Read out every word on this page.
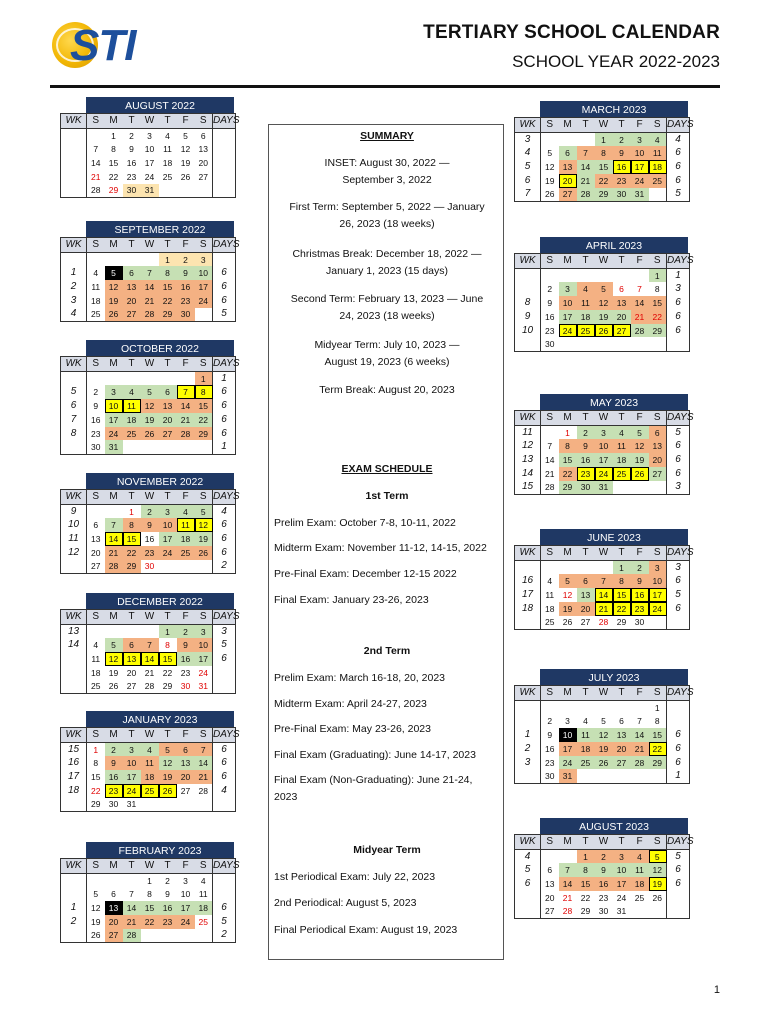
STI	TERTIARY SCHOOL CALENDAR
SCHOOL YEAR 2022-2023
AUGUST 2022
WK	S	M	T	W	T	F	S	DAYS
		1	2	3	4	5	6	
	7	8	9	10	11	12	13	
	14	15	16	17	18	19	20	
	21	22	23	24	25	26	27	
	28	29	30	31				
SEPTEMBER 2022
WK	S	M	T	W	T	F	S	DAYS
					1	2	3	
1	4	5	6	7	8	9	10	6
2	11	12	13	14	15	16	17	6
3	18	19	20	21	22	23	24	6
4	25	26	27	28	29	30		5
OCTOBER 2022
WK	S	M	T	W	T	F	S	DAYS
							1	1
5	2	3	4	5	6	7	8	6
6	9	10	11	12	13	14	15	6
7	16	17	18	19	20	21	22	6
8	23	24	25	26	27	28	29	6
	30	31						1
NOVEMBER 2022
WK	S	M	T	W	T	F	S	DAYS
9			1	2	3	4	5	4
10	6	7	8	9	10	11	12	6
11	13	14	15	16	17	18	19	6
12	20	21	22	23	24	25	26	6
	27	28	29	30				2
DECEMBER 2022
WK	S	M	T	W	T	F	S	DAYS
13					1	2	3	3
14	4	5	6	7	8	9	10	5
	11	12	13	14	15	16	17	6
	18	19	20	21	22	23	24	
	25	26	27	28	29	30	31	
JANUARY 2023
WK	S	M	T	W	T	F	S	DAYS
15	1	2	3	4	5	6	7	6
16	8	9	10	11	12	13	14	6
17	15	16	17	18	19	20	21	6
18	22	23	24	25	26	27	28	4
	29	30	31					
FEBRUARY 2023
WK	S	M	T	W	T	F	S	DAYS
				1	2	3	4	
	5	6	7	8	9	10	11	
1	12	13	14	15	16	17	18	6
2	19	20	21	22	23	24	25	5
	26	27	28					2
MARCH 2023
WK	S	M	T	W	T	F	S	DAYS
3				1	2	3	4	4
4	5	6	7	8	9	10	11	6
5	12	13	14	15	16	17	18	6
6	19	20	21	22	23	24	25	6
7	26	27	28	29	30	31		5
APRIL 2023
WK	S	M	T	W	T	F	S	DAYS
							1	1
	2	3	4	5	6	7	8	3
8	9	10	11	12	13	14	15	6
9	16	17	18	19	20	21	22	6
10	23	24	25	26	27	28	29	6
	30							
MAY 2023
WK	S	M	T	W	T	F	S	DAYS
11		1	2	3	4	5	6	5
12	7	8	9	10	11	12	13	6
13	14	15	16	17	18	19	20	6
14	21	22	23	24	25	26	27	6
15	28	29	30	31				3
JUNE 2023
WK	S	M	T	W	T	F	S	DAYS
					1	2	3	3
16	4	5	6	7	8	9	10	6
17	11	12	13	14	15	16	17	5
18	18	19	20	21	22	23	24	6
	25	26	27	28	29	30		
JULY 2023
WK	S	M	T	W	T	F	S	DAYS
							1	
	2	3	4	5	6	7	8	
1	9	10	11	12	13	14	15	6
2	16	17	18	19	20	21	22	6
3	23	24	25	26	27	28	29	6
	30	31						1
AUGUST 2023
WK	S	M	T	W	T	F	S	DAYS
4			1	2	3	4	5	5
5	6	7	8	9	10	11	12	6
6	13	14	15	16	17	18	19	6
	20	21	22	23	24	25	26	
	27	28	29	30	31			
SUMMARY
INSET: August 30, 2022 — September 3, 2022
First Term: September 5, 2022 — January 26, 2023 (18 weeks)
Christmas Break: December 18, 2022 — January 1, 2023 (15 days)
Second Term: February 13, 2023 — June 24, 2023 (18 weeks)
Midyear Term: July 10, 2023 — August 19, 2023 (6 weeks)
Term Break: August 20, 2023
EXAM SCHEDULE
1st Term
Prelim Exam: October 7-8, 10-11, 2022
Midterm Exam: November 11-12, 14-15, 2022
Pre-Final Exam: December 12-15 2022
Final Exam: January 23-26, 2023
2nd Term
Prelim Exam: March 16-18, 20, 2023
Midterm Exam: April 24-27, 2023
Pre-Final Exam: May 23-26, 2023
Final Exam (Graduating): June 14-17, 2023
Final Exam (Non-Graduating): June 21-24, 2023
Midyear Term
1st Periodical Exam: July 22, 2023
2nd Periodical: August 5, 2023
Final Periodical Exam: August 19, 2023
1
